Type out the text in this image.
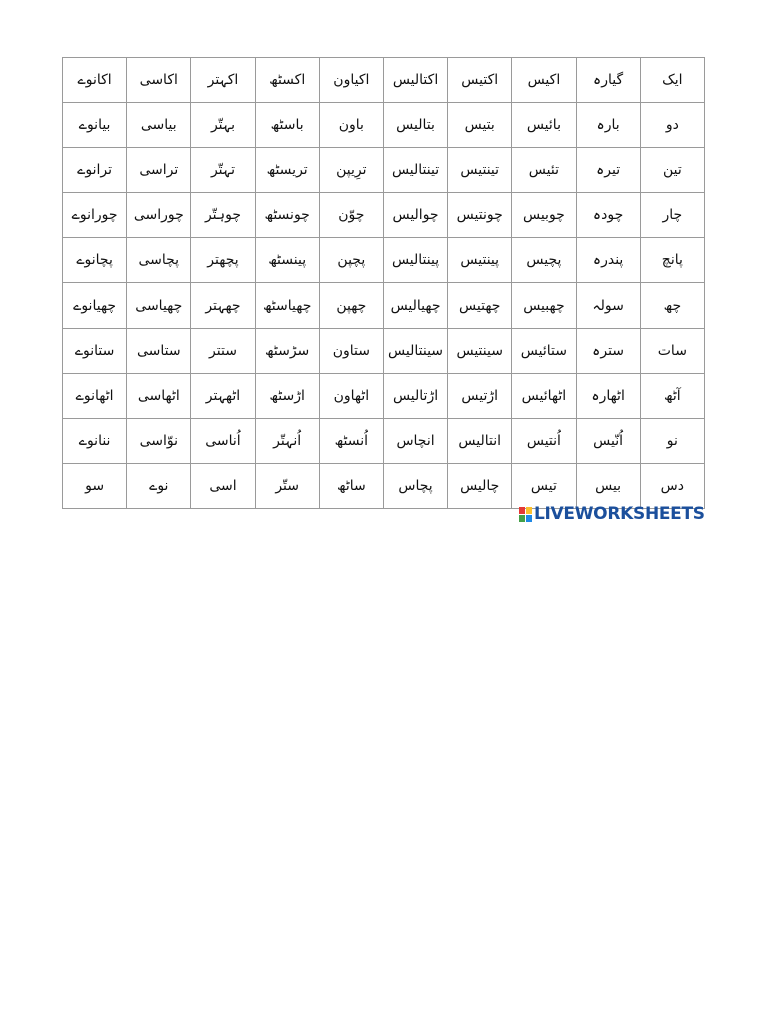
اکانوے	اکاسی	اکہتر	اکسٹھ	اکیاون	اکتالیس	اکتیس	اکیس	گیارہ	ایک
بیانوے	بیاسی	بہتّر	باسٹھ	باون	بتالیس	بتیس	بائیس	بارہ	دو
ترانوے	تراسی	تہتّر	تریسٹھ	ترِیپن	تینتالیس	تینتیس	تئیس	تیرہ	تین
چورانوے	چوراسی	چوہتّر	چونسٹھ	چوّن	چوالیس	چونتیس	چوبیس	چودہ	چار
پچانوے	پچاسی	پچھتر	پینسٹھ	پچپن	پینتالیس	پینتیس	پچیس	پندرہ	پانچ
چھیانوے	چھیاسی	چھہتر	چھیاسٹھ	چھپن	چھیالیس	چھتیس	چھبیس	سولہ	چھ
ستانوے	ستاسی	ستتر	سڑسٹھ	ستاون	سینتالیس	سینتیس	ستائیس	سترہ	سات
اٹھانوے	اٹھاسی	اٹھہتر	اڑسٹھ	اٹھاون	اڑتالیس	اڑتیس	اٹھائیس	اٹھارہ	آٹھ
ننانوے	نوّاسی	اُناسی	اُنہتّر	اُنسٹھ	انچاس	انتالیس	اُنتیس	اُنّیس	نو
سو	نوے	اسی	ستّر	ساٹھ	پچاس	چالیس	تیس	بیس	دس
LIVEWORKSHEETS
